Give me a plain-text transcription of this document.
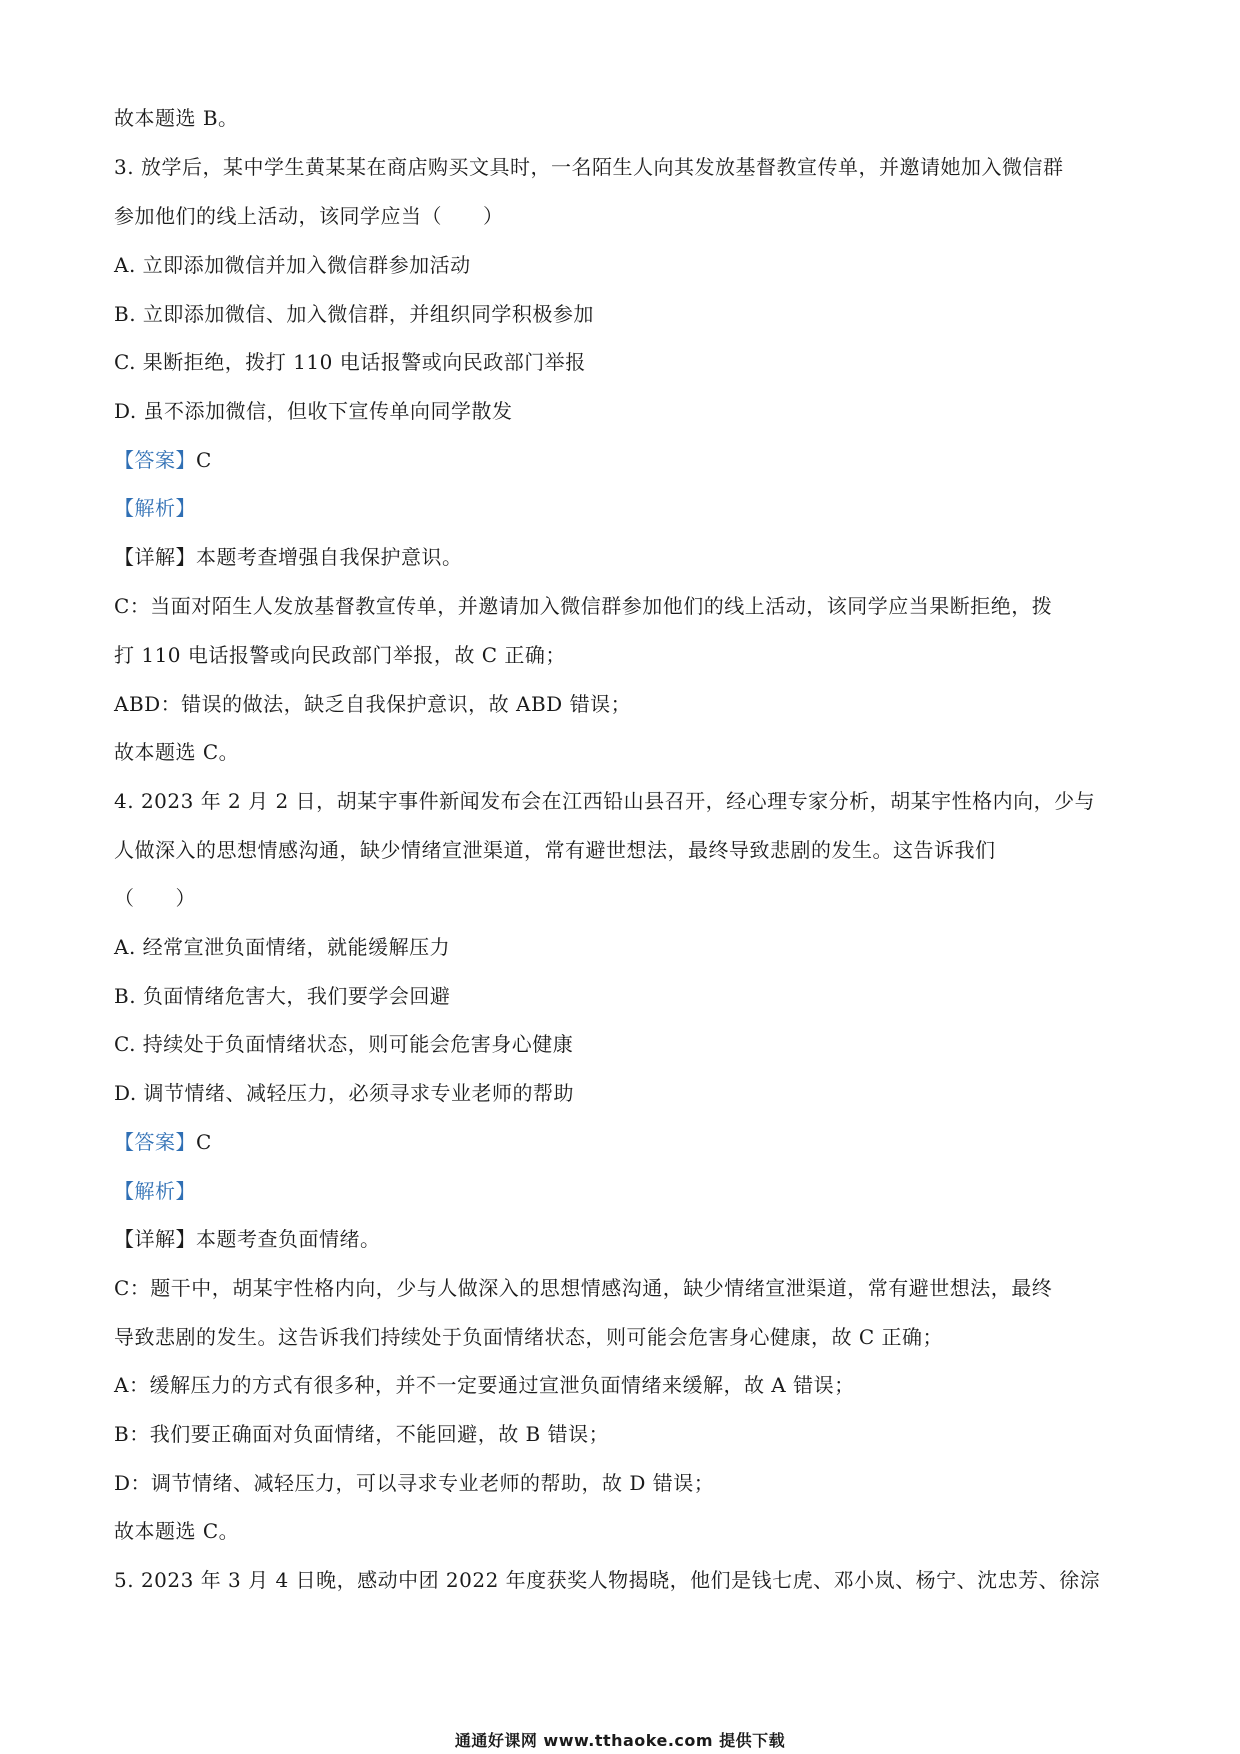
故本题选 B。
3. 放学后，某中学生黄某某在商店购买文具时，一名陌生人向其发放基督教宣传单，并邀请她加入微信群
参加他们的线上活动，该同学应当（　　）
A. 立即添加微信并加入微信群参加活动
B. 立即添加微信、加入微信群，并组织同学积极参加
C. 果断拒绝，拨打 110 电话报警或向民政部门举报
D. 虽不添加微信，但收下宣传单向同学散发
【答案】C
【解析】
【详解】本题考查增强自我保护意识。
C：当面对陌生人发放基督教宣传单，并邀请加入微信群参加他们的线上活动，该同学应当果断拒绝，拨
打 110 电话报警或向民政部门举报，故 C 正确；
ABD：错误的做法，缺乏自我保护意识，故 ABD 错误；
故本题选 C。
4. 2023 年 2 月 2 日，胡某宇事件新闻发布会在江西铅山县召开，经心理专家分析，胡某宇性格内向，少与
人做深入的思想情感沟通，缺少情绪宣泄渠道，常有避世想法，最终导致悲剧的发生。这告诉我们
（　　）
A. 经常宣泄负面情绪，就能缓解压力
B. 负面情绪危害大，我们要学会回避
C. 持续处于负面情绪状态，则可能会危害身心健康
D. 调节情绪、减轻压力，必须寻求专业老师的帮助
【答案】C
【解析】
【详解】本题考查负面情绪。
C：题干中，胡某宇性格内向，少与人做深入的思想情感沟通，缺少情绪宣泄渠道，常有避世想法，最终
导致悲剧的发生。这告诉我们持续处于负面情绪状态，则可能会危害身心健康，故 C 正确；
A：缓解压力的方式有很多种，并不一定要通过宣泄负面情绪来缓解，故 A 错误；
B：我们要正确面对负面情绪，不能回避，故 B 错误；
D：调节情绪、减轻压力，可以寻求专业老师的帮助，故 D 错误；
故本题选 C。
5. 2023 年 3 月 4 日晚，感动中团 2022 年度获奖人物揭晓，他们是钱七虎、邓小岚、杨宁、沈忠芳、徐淙
通通好课网 www.tthaoke.com 提供下载
